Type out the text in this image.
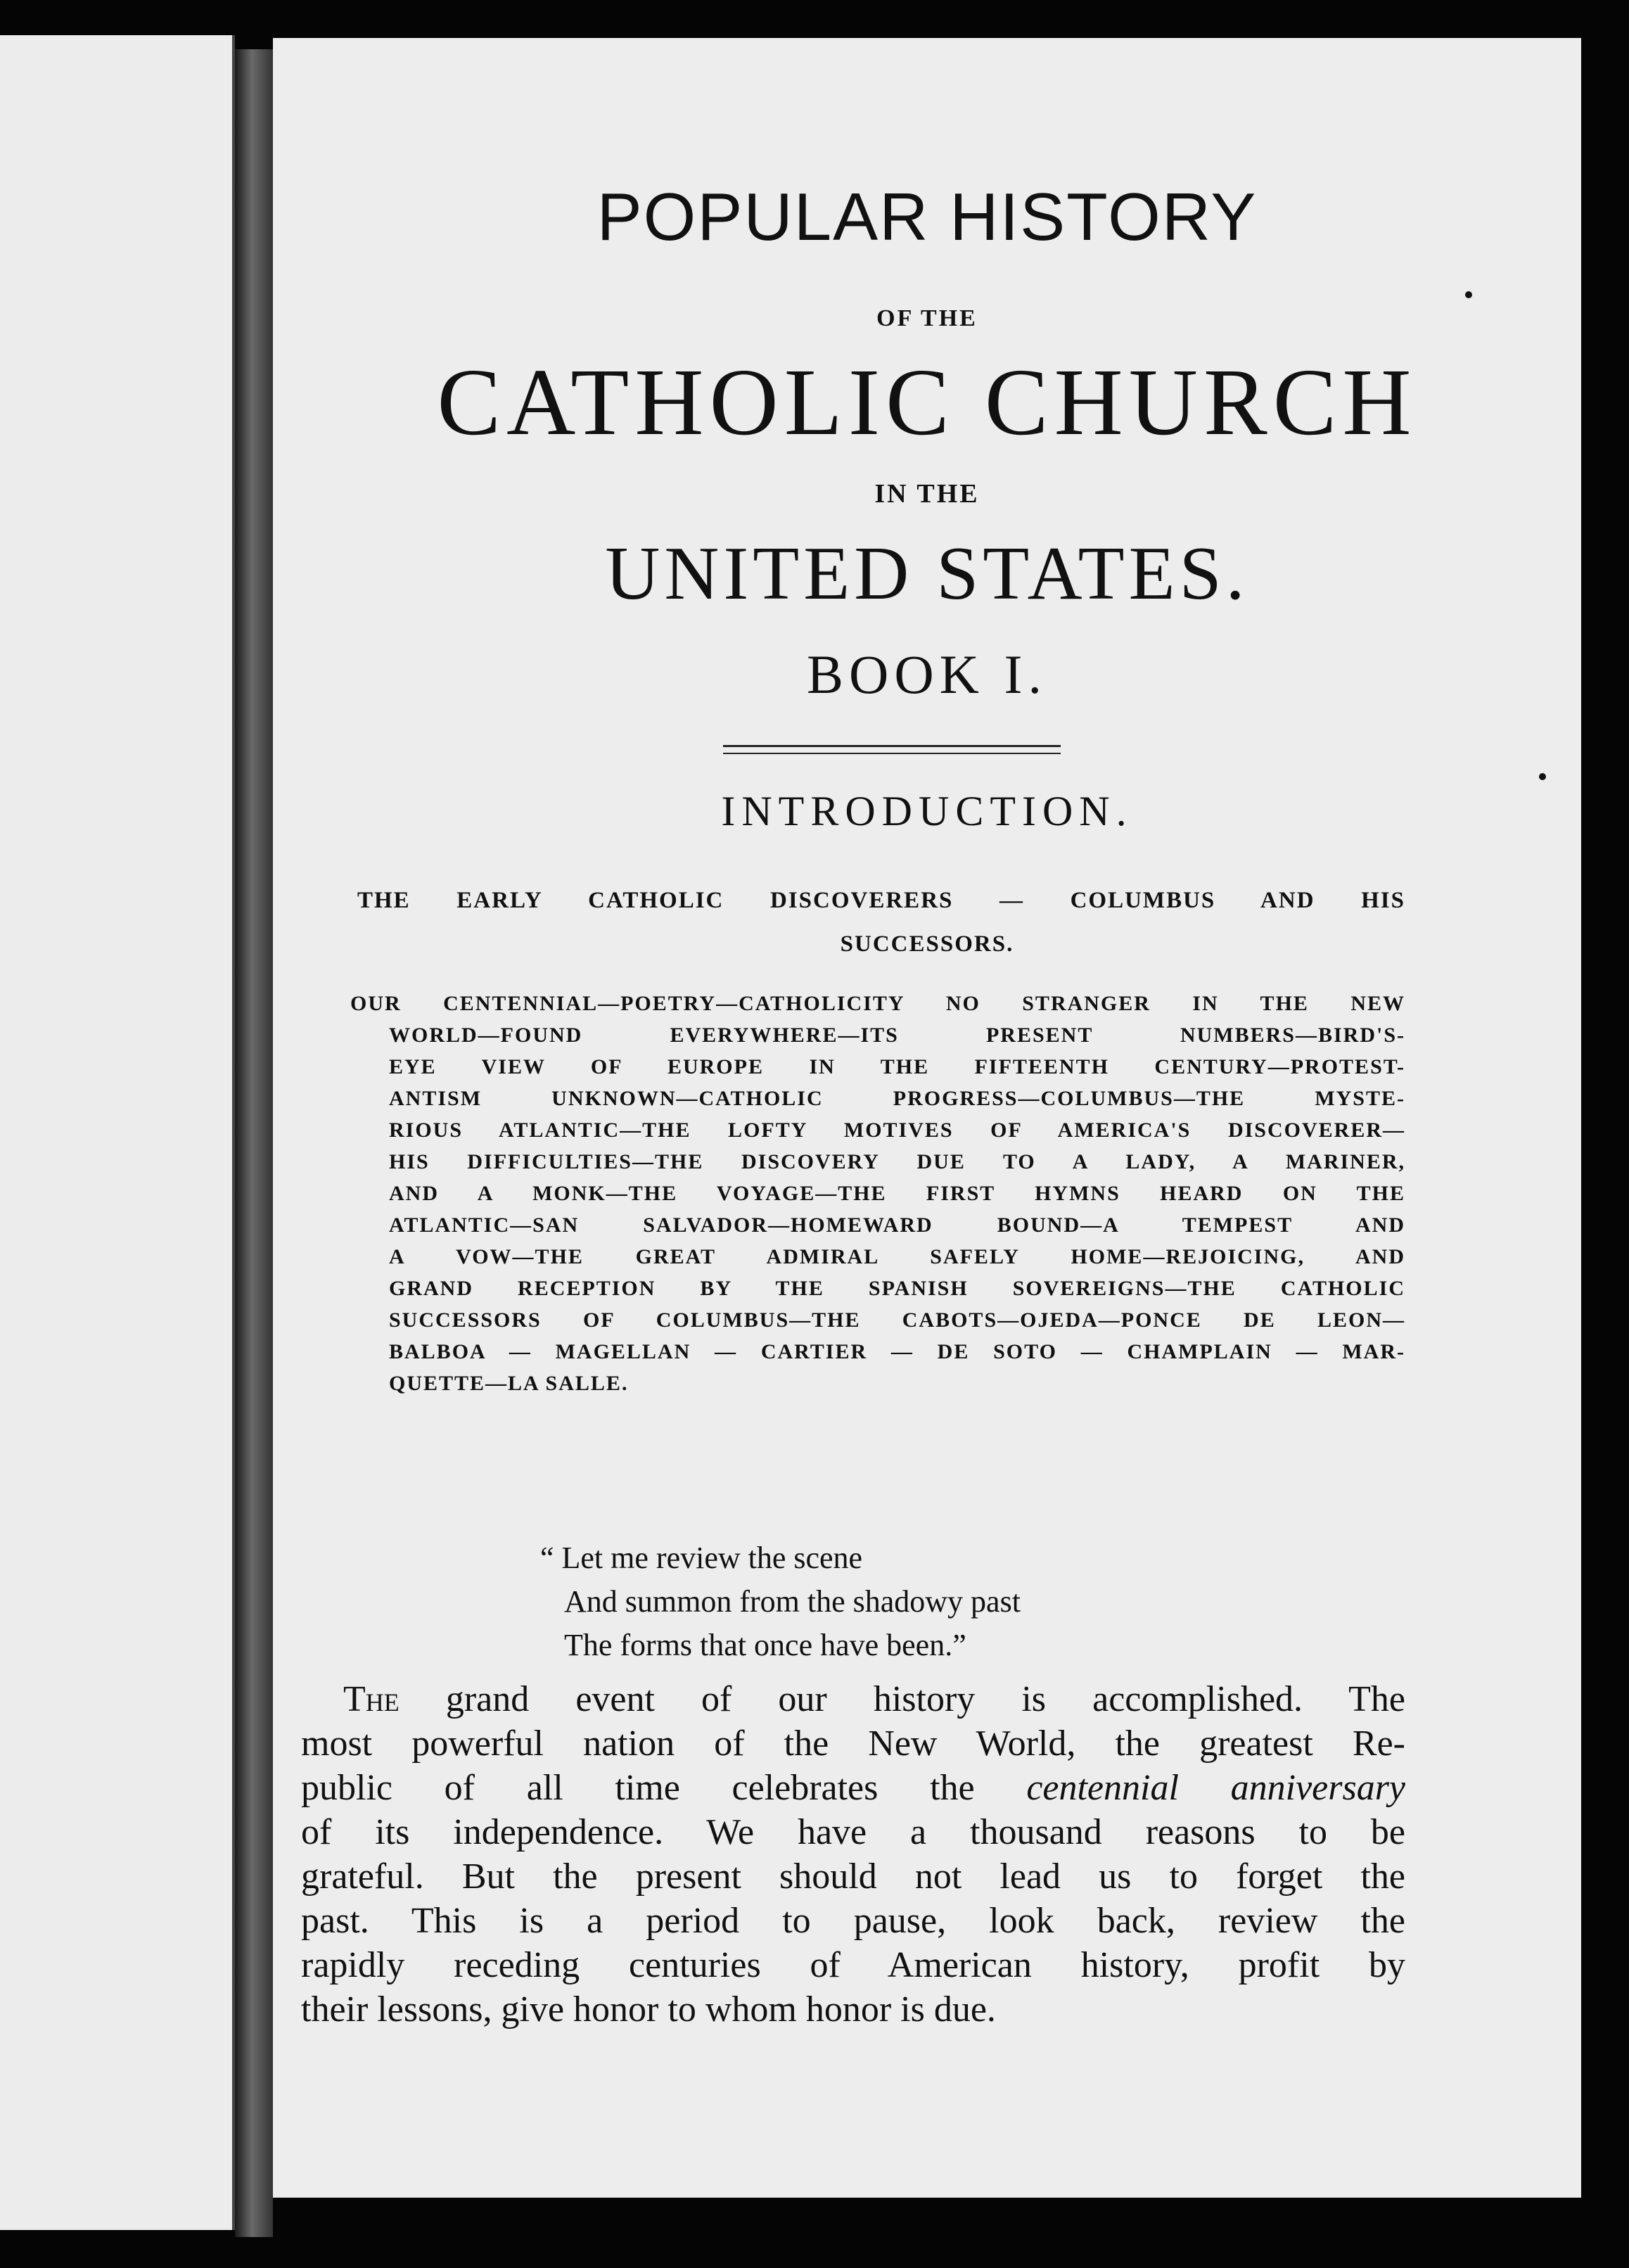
POPULAR HISTORY
OF THE
CATHOLIC CHURCH
IN THE
UNITED STATES.
BOOK I.
INTRODUCTION.
THE EARLY CATHOLIC DISCOVERERS — COLUMBUS AND HIS
SUCCESSORS.
OUR CENTENNIAL—POETRY—CATHOLICITY NO STRANGER IN THE NEW
WORLD—FOUND EVERYWHERE—ITS PRESENT NUMBERS—BIRD'S-
EYE VIEW OF EUROPE IN THE FIFTEENTH CENTURY—PROTEST-
ANTISM UNKNOWN—CATHOLIC PROGRESS—COLUMBUS—THE MYSTE-
RIOUS ATLANTIC—THE LOFTY MOTIVES OF AMERICA'S DISCOVERER—
HIS DIFFICULTIES—THE DISCOVERY DUE TO A LADY, A MARINER,
AND A MONK—THE VOYAGE—THE FIRST HYMNS HEARD ON THE
ATLANTIC—SAN SALVADOR—HOMEWARD BOUND—A TEMPEST AND
A VOW—THE GREAT ADMIRAL SAFELY HOME—REJOICING, AND
GRAND RECEPTION BY THE SPANISH SOVEREIGNS—THE CATHOLIC
SUCCESSORS OF COLUMBUS—THE CABOTS—OJEDA—PONCE DE LEON—
BALBOA — MAGELLAN — CARTIER — DE SOTO — CHAMPLAIN — MAR-
QUETTE—LA SALLE.
“ Let me review the scene
And summon from the shadowy past
The forms that once have been.”
The grand event of our history is accomplished. The
most powerful nation of the New World, the greatest Re-
public of all time celebrates the centennial anniversary
of its independence. We have a thousand reasons to be
grateful. But the present should not lead us to forget the
past. This is a period to pause, look back, review the
rapidly receding centuries of American history, profit by
their lessons, give honor to whom honor is due.
